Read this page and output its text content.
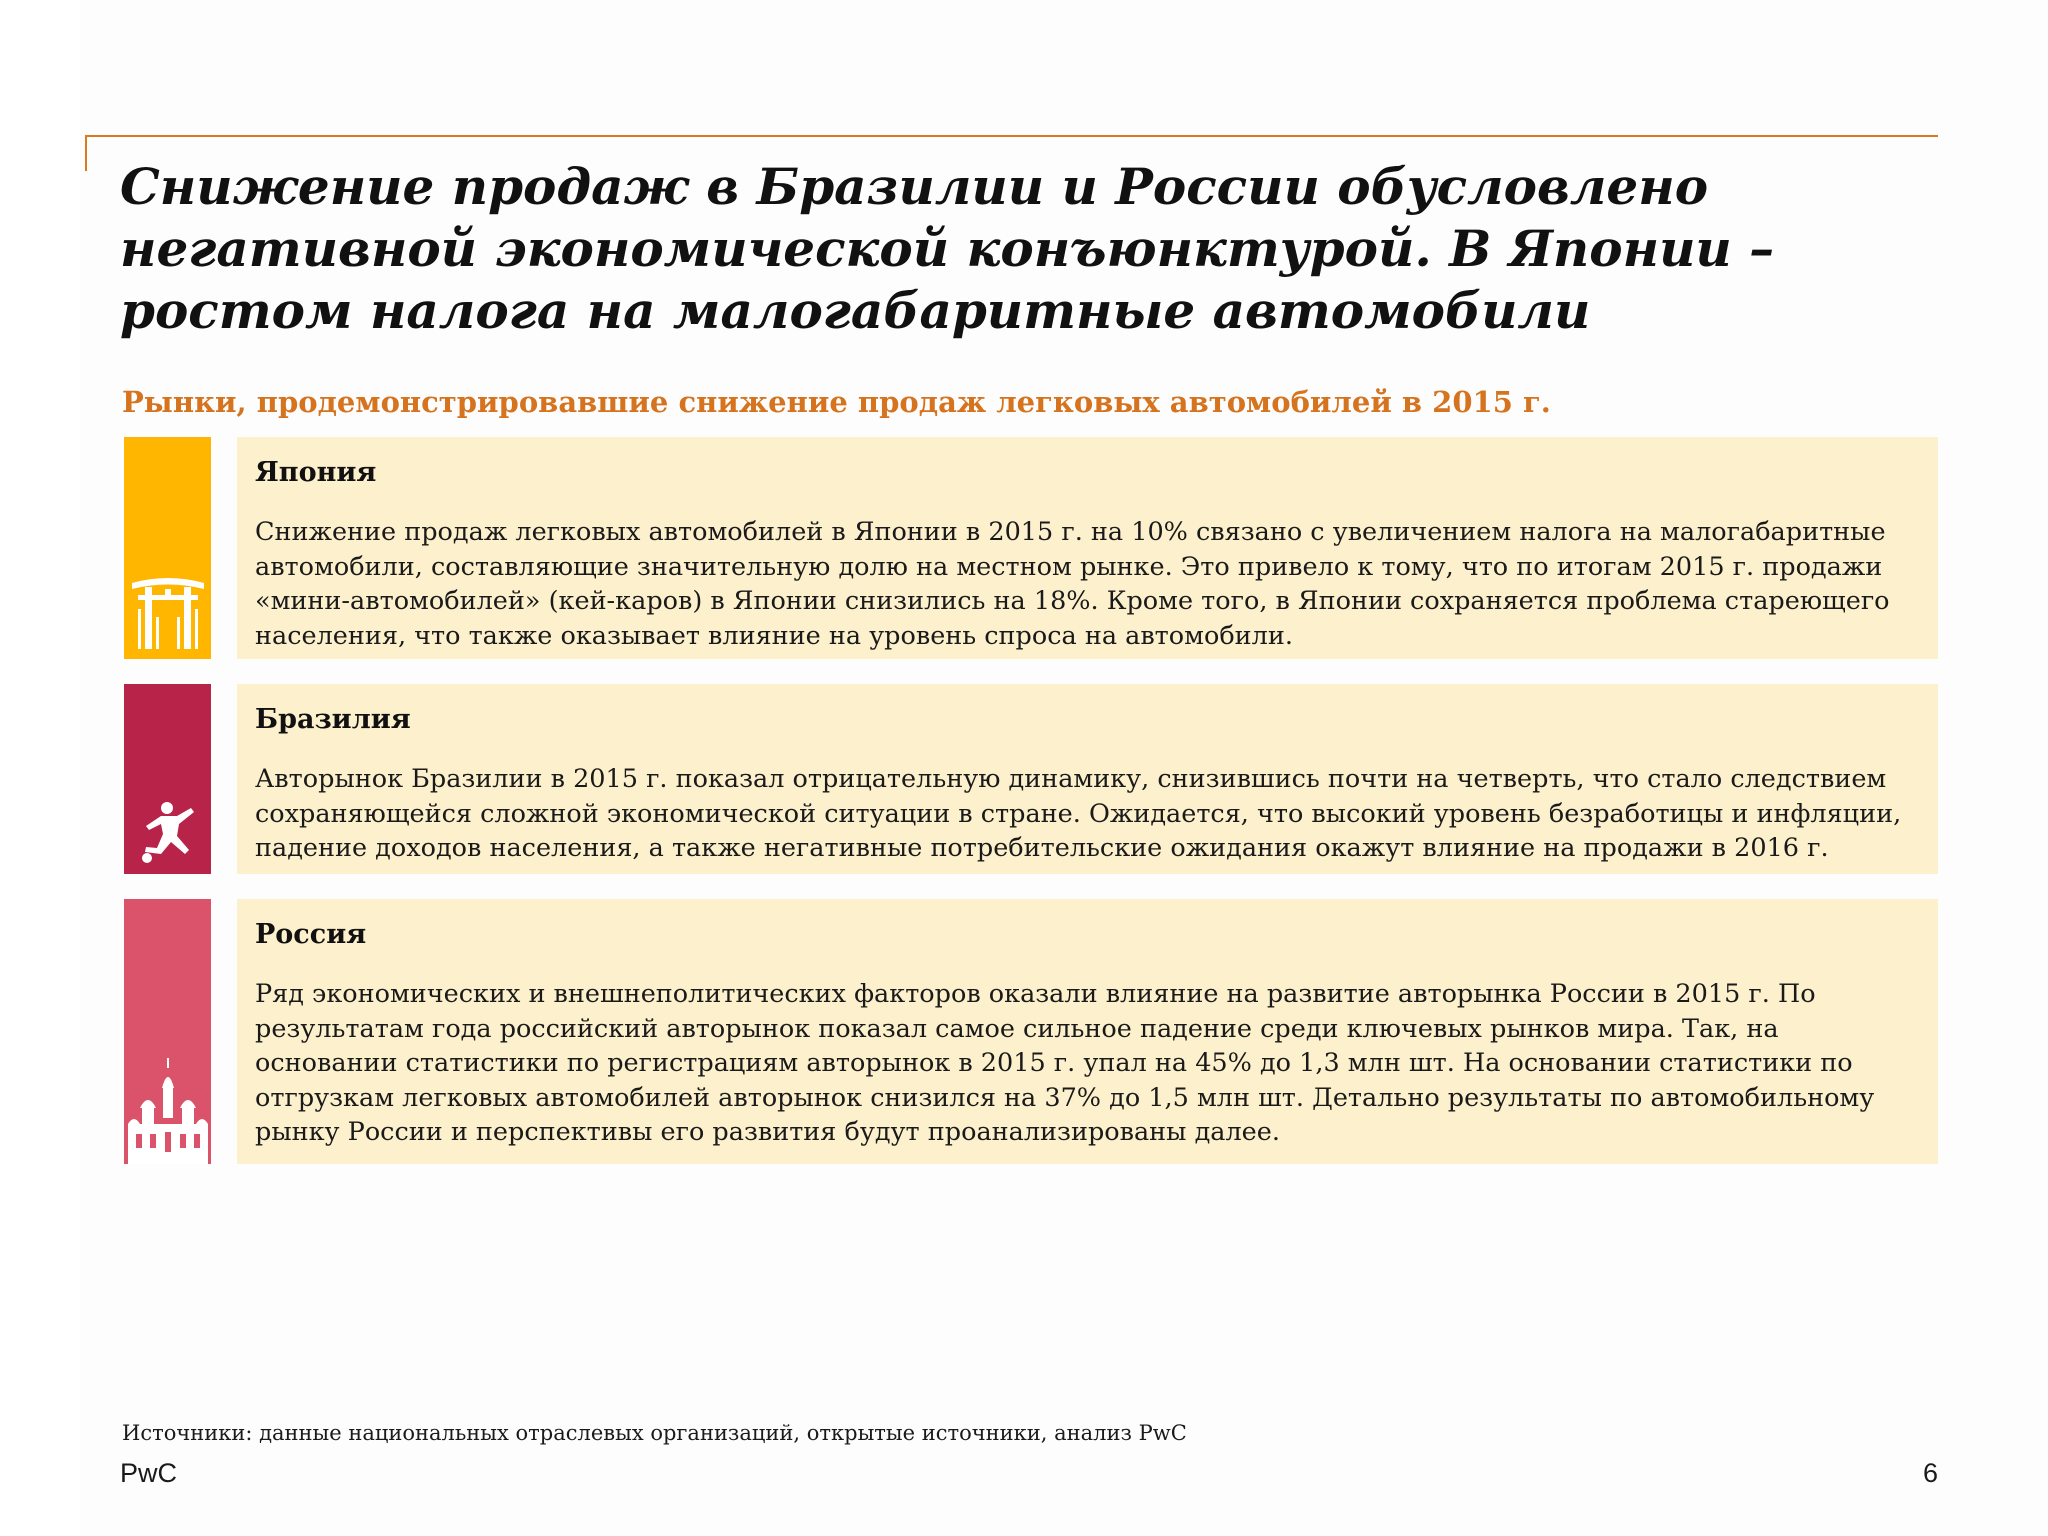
Снижение продаж в Бразилии и России обусловлено негативной экономической конъюнктурой. В Японии – ростом налога на малогабаритные автомобили
Рынки, продемонстрировавшие снижение продаж легковых автомобилей в 2015 г.
Япония
Снижение продаж легковых автомобилей в Японии в 2015 г. на 10% связано с увеличением налога на малогабаритные автомобили, составляющие значительную долю на местном рынке. Это привело к тому, что по итогам 2015 г. продажи «мини-автомобилей» (кей-каров) в Японии снизились на 18%. Кроме того, в Японии сохраняется проблема стареющего населения, что также оказывает влияние на уровень спроса на автомобили.
Бразилия
Авторынок Бразилии в 2015 г. показал отрицательную динамику, снизившись почти на четверть, что стало следствием сохраняющейся сложной экономической ситуации в стране. Ожидается, что высокий уровень безработицы и инфляции, падение доходов населения, а также негативные потребительские ожидания окажут влияние на продажи в 2016 г.
Россия
Ряд экономических и внешнеполитических факторов оказали влияние на развитие авторынка России в 2015 г. По результатам года российский авторынок показал самое сильное падение среди ключевых рынков мира. Так, на основании статистики по регистрациям авторынок в 2015 г. упал на 45% до 1,3 млн шт. На основании статистики по отгрузкам легковых автомобилей авторынок снизился на 37% до 1,5 млн шт. Детально результаты по автомобильному рынку России и перспективы его развития будут проанализированы далее.
Источники: данные национальных отраслевых организаций, открытые источники, анализ PwC
PwC	6
